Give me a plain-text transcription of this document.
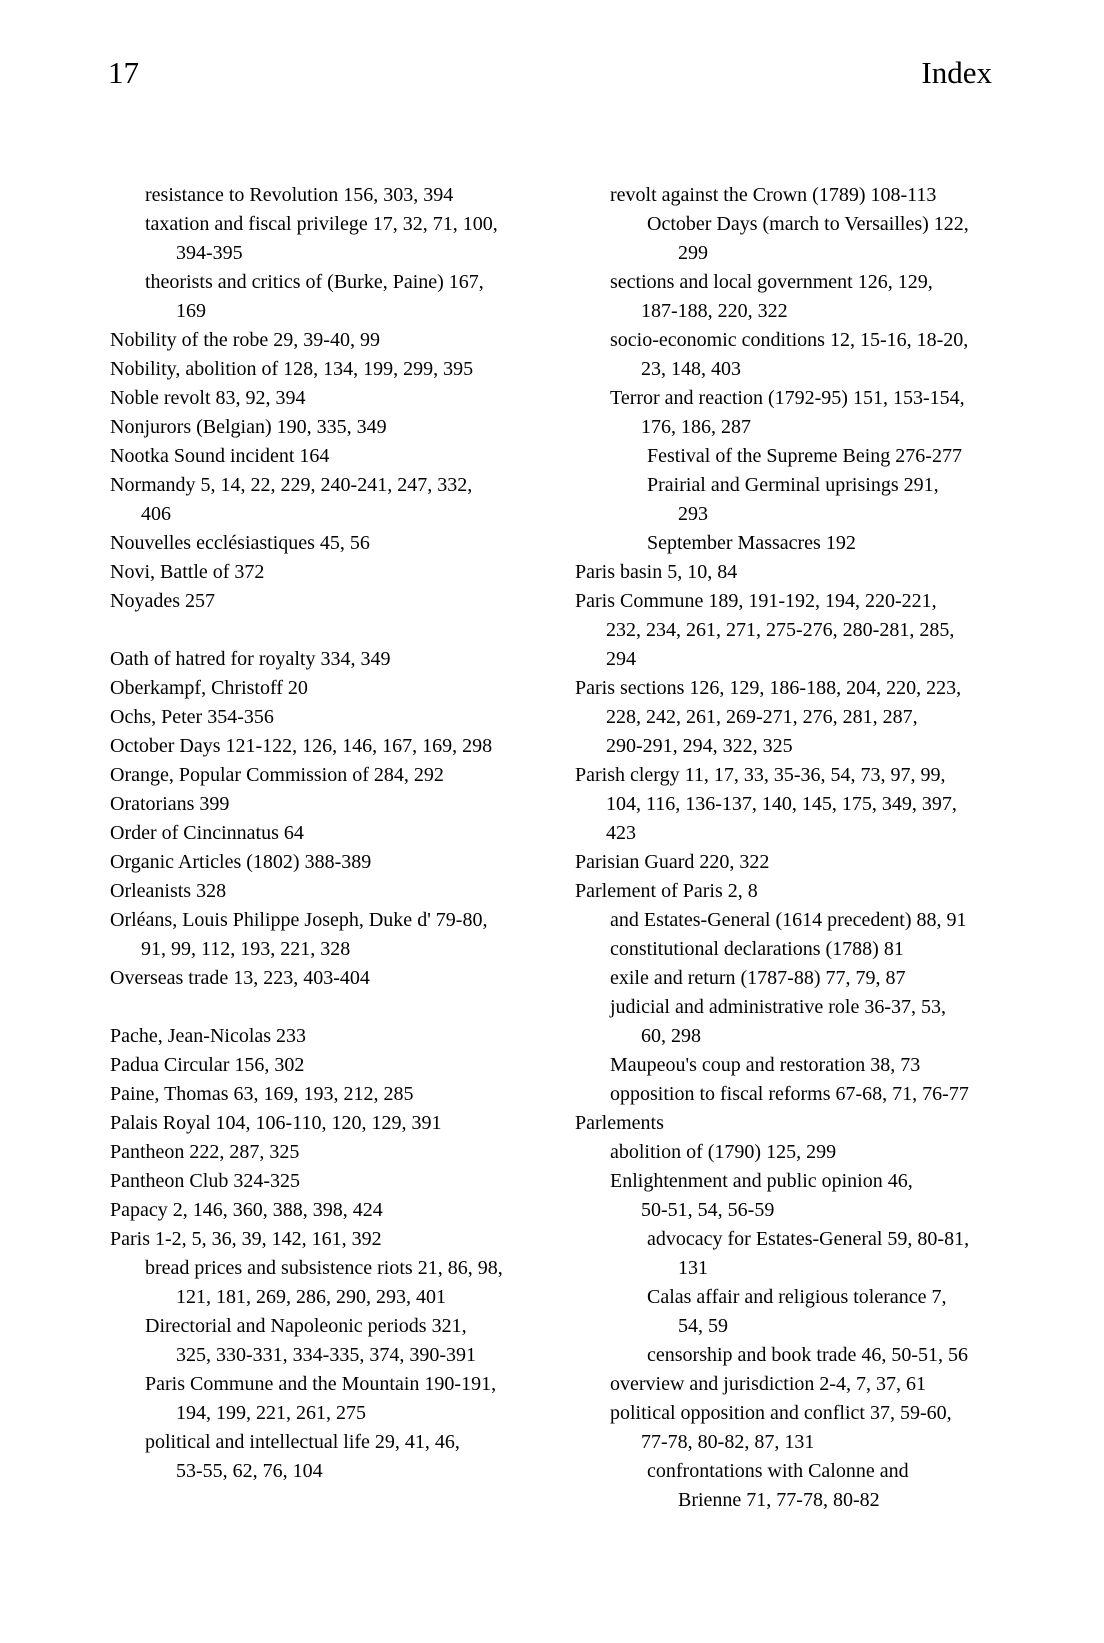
17	Index
resistance to Revolution 156, 303, 394
taxation and fiscal privilege 17, 32, 71, 100,
394-395
theorists and critics of (Burke, Paine) 167,
169
Nobility of the robe 29, 39-40, 99
Nobility, abolition of 128, 134, 199, 299, 395
Noble revolt 83, 92, 394
Nonjurors (Belgian) 190, 335, 349
Nootka Sound incident 164
Normandy 5, 14, 22, 229, 240-241, 247, 332,
406
Nouvelles ecclésiastiques 45, 56
Novi, Battle of 372
Noyades 257
Oath of hatred for royalty 334, 349
Oberkampf, Christoff 20
Ochs, Peter 354-356
October Days 121-122, 126, 146, 167, 169, 298
Orange, Popular Commission of 284, 292
Oratorians 399
Order of Cincinnatus 64
Organic Articles (1802) 388-389
Orleanists 328
Orléans, Louis Philippe Joseph, Duke d' 79-80,
91, 99, 112, 193, 221, 328
Overseas trade 13, 223, 403-404
Pache, Jean-Nicolas 233
Padua Circular 156, 302
Paine, Thomas 63, 169, 193, 212, 285
Palais Royal 104, 106-110, 120, 129, 391
Pantheon 222, 287, 325
Pantheon Club 324-325
Papacy 2, 146, 360, 388, 398, 424
Paris 1-2, 5, 36, 39, 142, 161, 392
bread prices and subsistence riots 21, 86, 98,
121, 181, 269, 286, 290, 293, 401
Directorial and Napoleonic periods 321,
325, 330-331, 334-335, 374, 390-391
Paris Commune and the Mountain 190-191,
194, 199, 221, 261, 275
political and intellectual life 29, 41, 46,
53-55, 62, 76, 104
revolt against the Crown (1789) 108-113
October Days (march to Versailles) 122,
299
sections and local government 126, 129,
187-188, 220, 322
socio-economic conditions 12, 15-16, 18-20,
23, 148, 403
Terror and reaction (1792-95) 151, 153-154,
176, 186, 287
Festival of the Supreme Being 276-277
Prairial and Germinal uprisings 291,
293
September Massacres 192
Paris basin 5, 10, 84
Paris Commune 189, 191-192, 194, 220-221,
232, 234, 261, 271, 275-276, 280-281, 285,
294
Paris sections 126, 129, 186-188, 204, 220, 223,
228, 242, 261, 269-271, 276, 281, 287,
290-291, 294, 322, 325
Parish clergy 11, 17, 33, 35-36, 54, 73, 97, 99,
104, 116, 136-137, 140, 145, 175, 349, 397,
423
Parisian Guard 220, 322
Parlement of Paris 2, 8
and Estates-General (1614 precedent) 88, 91
constitutional declarations (1788) 81
exile and return (1787-88) 77, 79, 87
judicial and administrative role 36-37, 53,
60, 298
Maupeou's coup and restoration 38, 73
opposition to fiscal reforms 67-68, 71, 76-77
Parlements
abolition of (1790) 125, 299
Enlightenment and public opinion 46,
50-51, 54, 56-59
advocacy for Estates-General 59, 80-81,
131
Calas affair and religious tolerance 7,
54, 59
censorship and book trade 46, 50-51, 56
overview and jurisdiction 2-4, 7, 37, 61
political opposition and conflict 37, 59-60,
77-78, 80-82, 87, 131
confrontations with Calonne and
Brienne 71, 77-78, 80-82
